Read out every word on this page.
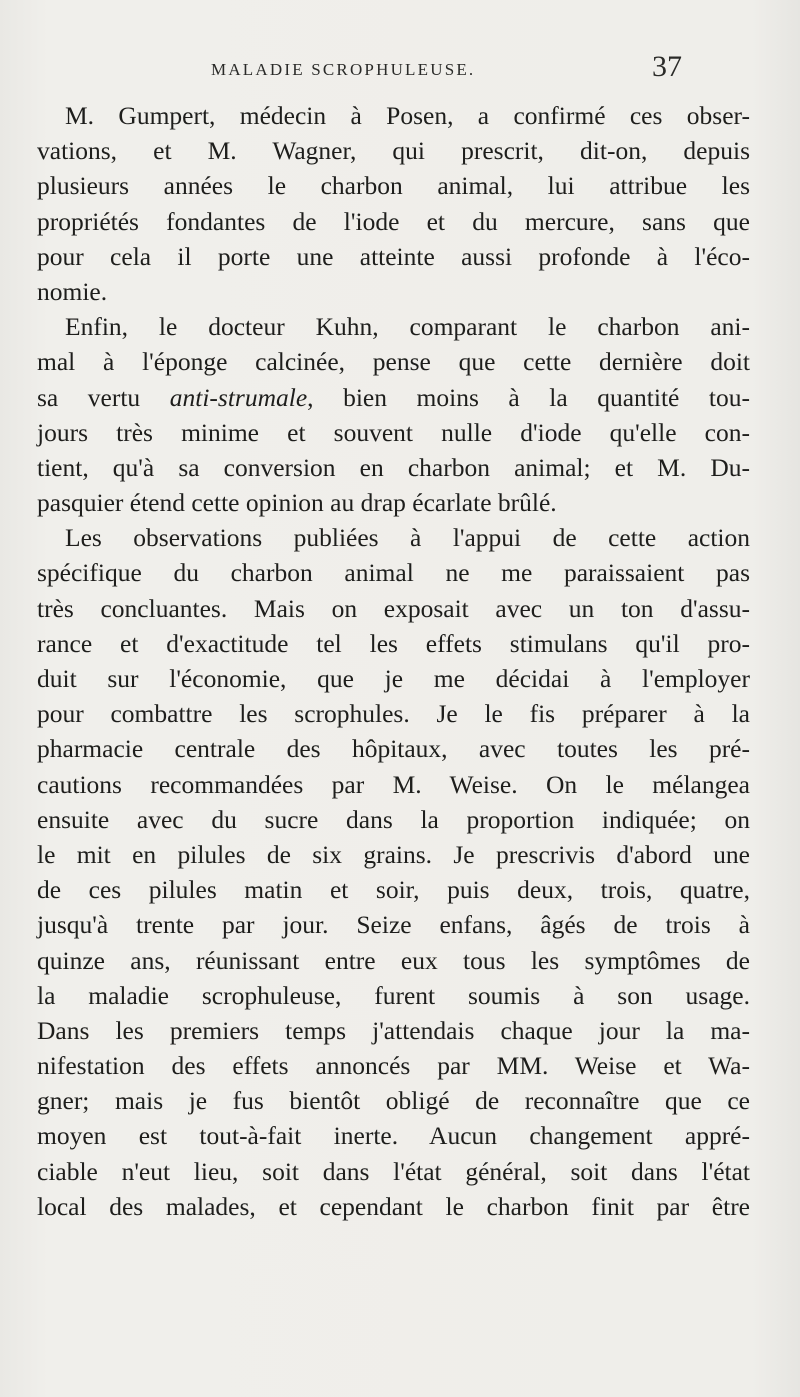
MALADIE SCROPHULEUSE.	37
M. Gumpert, médecin à Posen, a confirmé ces obser-
vations, et M. Wagner, qui prescrit, dit-on, depuis
plusieurs années le charbon animal, lui attribue les
propriétés fondantes de l'iode et du mercure, sans que
pour cela il porte une atteinte aussi profonde à l'éco-
nomie.
Enfin, le docteur Kuhn, comparant le charbon ani-
mal à l'éponge calcinée, pense que cette dernière doit
sa vertu anti-strumale, bien moins à la quantité tou-
jours très minime et souvent nulle d'iode qu'elle con-
tient, qu'à sa conversion en charbon animal; et M. Du-
pasquier étend cette opinion au drap écarlate brûlé.
Les observations publiées à l'appui de cette action
spécifique du charbon animal ne me paraissaient pas
très concluantes. Mais on exposait avec un ton d'assu-
rance et d'exactitude tel les effets stimulans qu'il pro-
duit sur l'économie, que je me décidai à l'employer
pour combattre les scrophules. Je le fis préparer à la
pharmacie centrale des hôpitaux, avec toutes les pré-
cautions recommandées par M. Weise. On le mélangea
ensuite avec du sucre dans la proportion indiquée; on
le mit en pilules de six grains. Je prescrivis d'abord une
de ces pilules matin et soir, puis deux, trois, quatre,
jusqu'à trente par jour. Seize enfans, âgés de trois à
quinze ans, réunissant entre eux tous les symptômes de
la maladie scrophuleuse, furent soumis à son usage.
Dans les premiers temps j'attendais chaque jour la ma-
nifestation des effets annoncés par MM. Weise et Wa-
gner; mais je fus bientôt obligé de reconnaître que ce
moyen est tout-à-fait inerte. Aucun changement appré-
ciable n'eut lieu, soit dans l'état général, soit dans l'état
local des malades, et cependant le charbon finit par être
